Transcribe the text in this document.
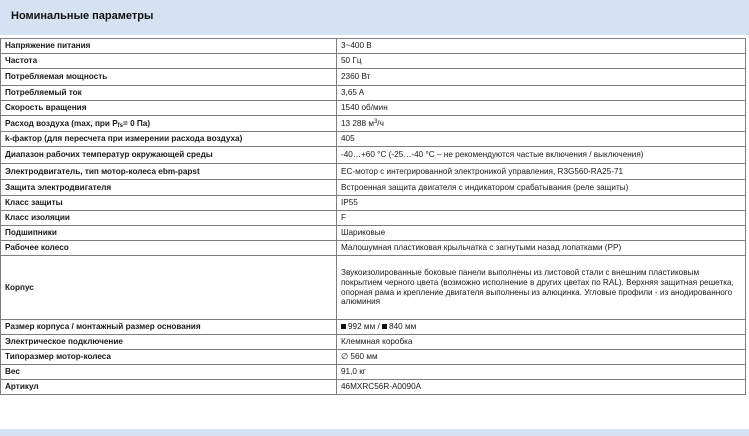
Номинальные параметры
Напряжение питания	3~400 В
Частота	50 Гц
Потребляемая мощность	2360 Вт
Потребляемый ток	3,65 A
Скорость вращения	1540 об/мин
Расход воздуха (max, при $P_{fs}= 0$ Па)	13 288 $м^3/ч$
k-фактор (для пересчета при измерении расхода воздуха)	405
Диапазон рабочих температур окружающей среды	-40…+60 °C (-25…-40 °C – не рекомендуются частые включения / выключения)
Электродвигатель, тип мотор-колеса ebm-papst	EC-мотор с интегрированной электроникой управления, R3G560-RA25-71
Защита электродвигателя	Встроенная защита двигателя с индикатором срабатывания (реле защиты)
Класс защиты	IP55
Класс изоляции	F
Подшипники	Шариковые
Рабочее колесо	Малошумная пластиковая крыльчатка с загнутыми назад лопатками (PP)
Корпус	Звукоизолированные боковые панели выполнены из листовой стали с внешним пластиковым покрытием черного цвета (возможно исполнение в других цветах по RAL). Верхняя защитная решетка, опорная рама и крепление двигателя выполнены из алюцинка. Угловые профили - из анодированного алюминия
Размер корпуса / монтажный размер основания	992 мм / 840 мм
Электрическое подключение	Клеммная коробка
Типоразмер мотор-колеса	∅ 560 мм
Вес	91,0 кг
Артикул	46MXRC56R-A0090A
